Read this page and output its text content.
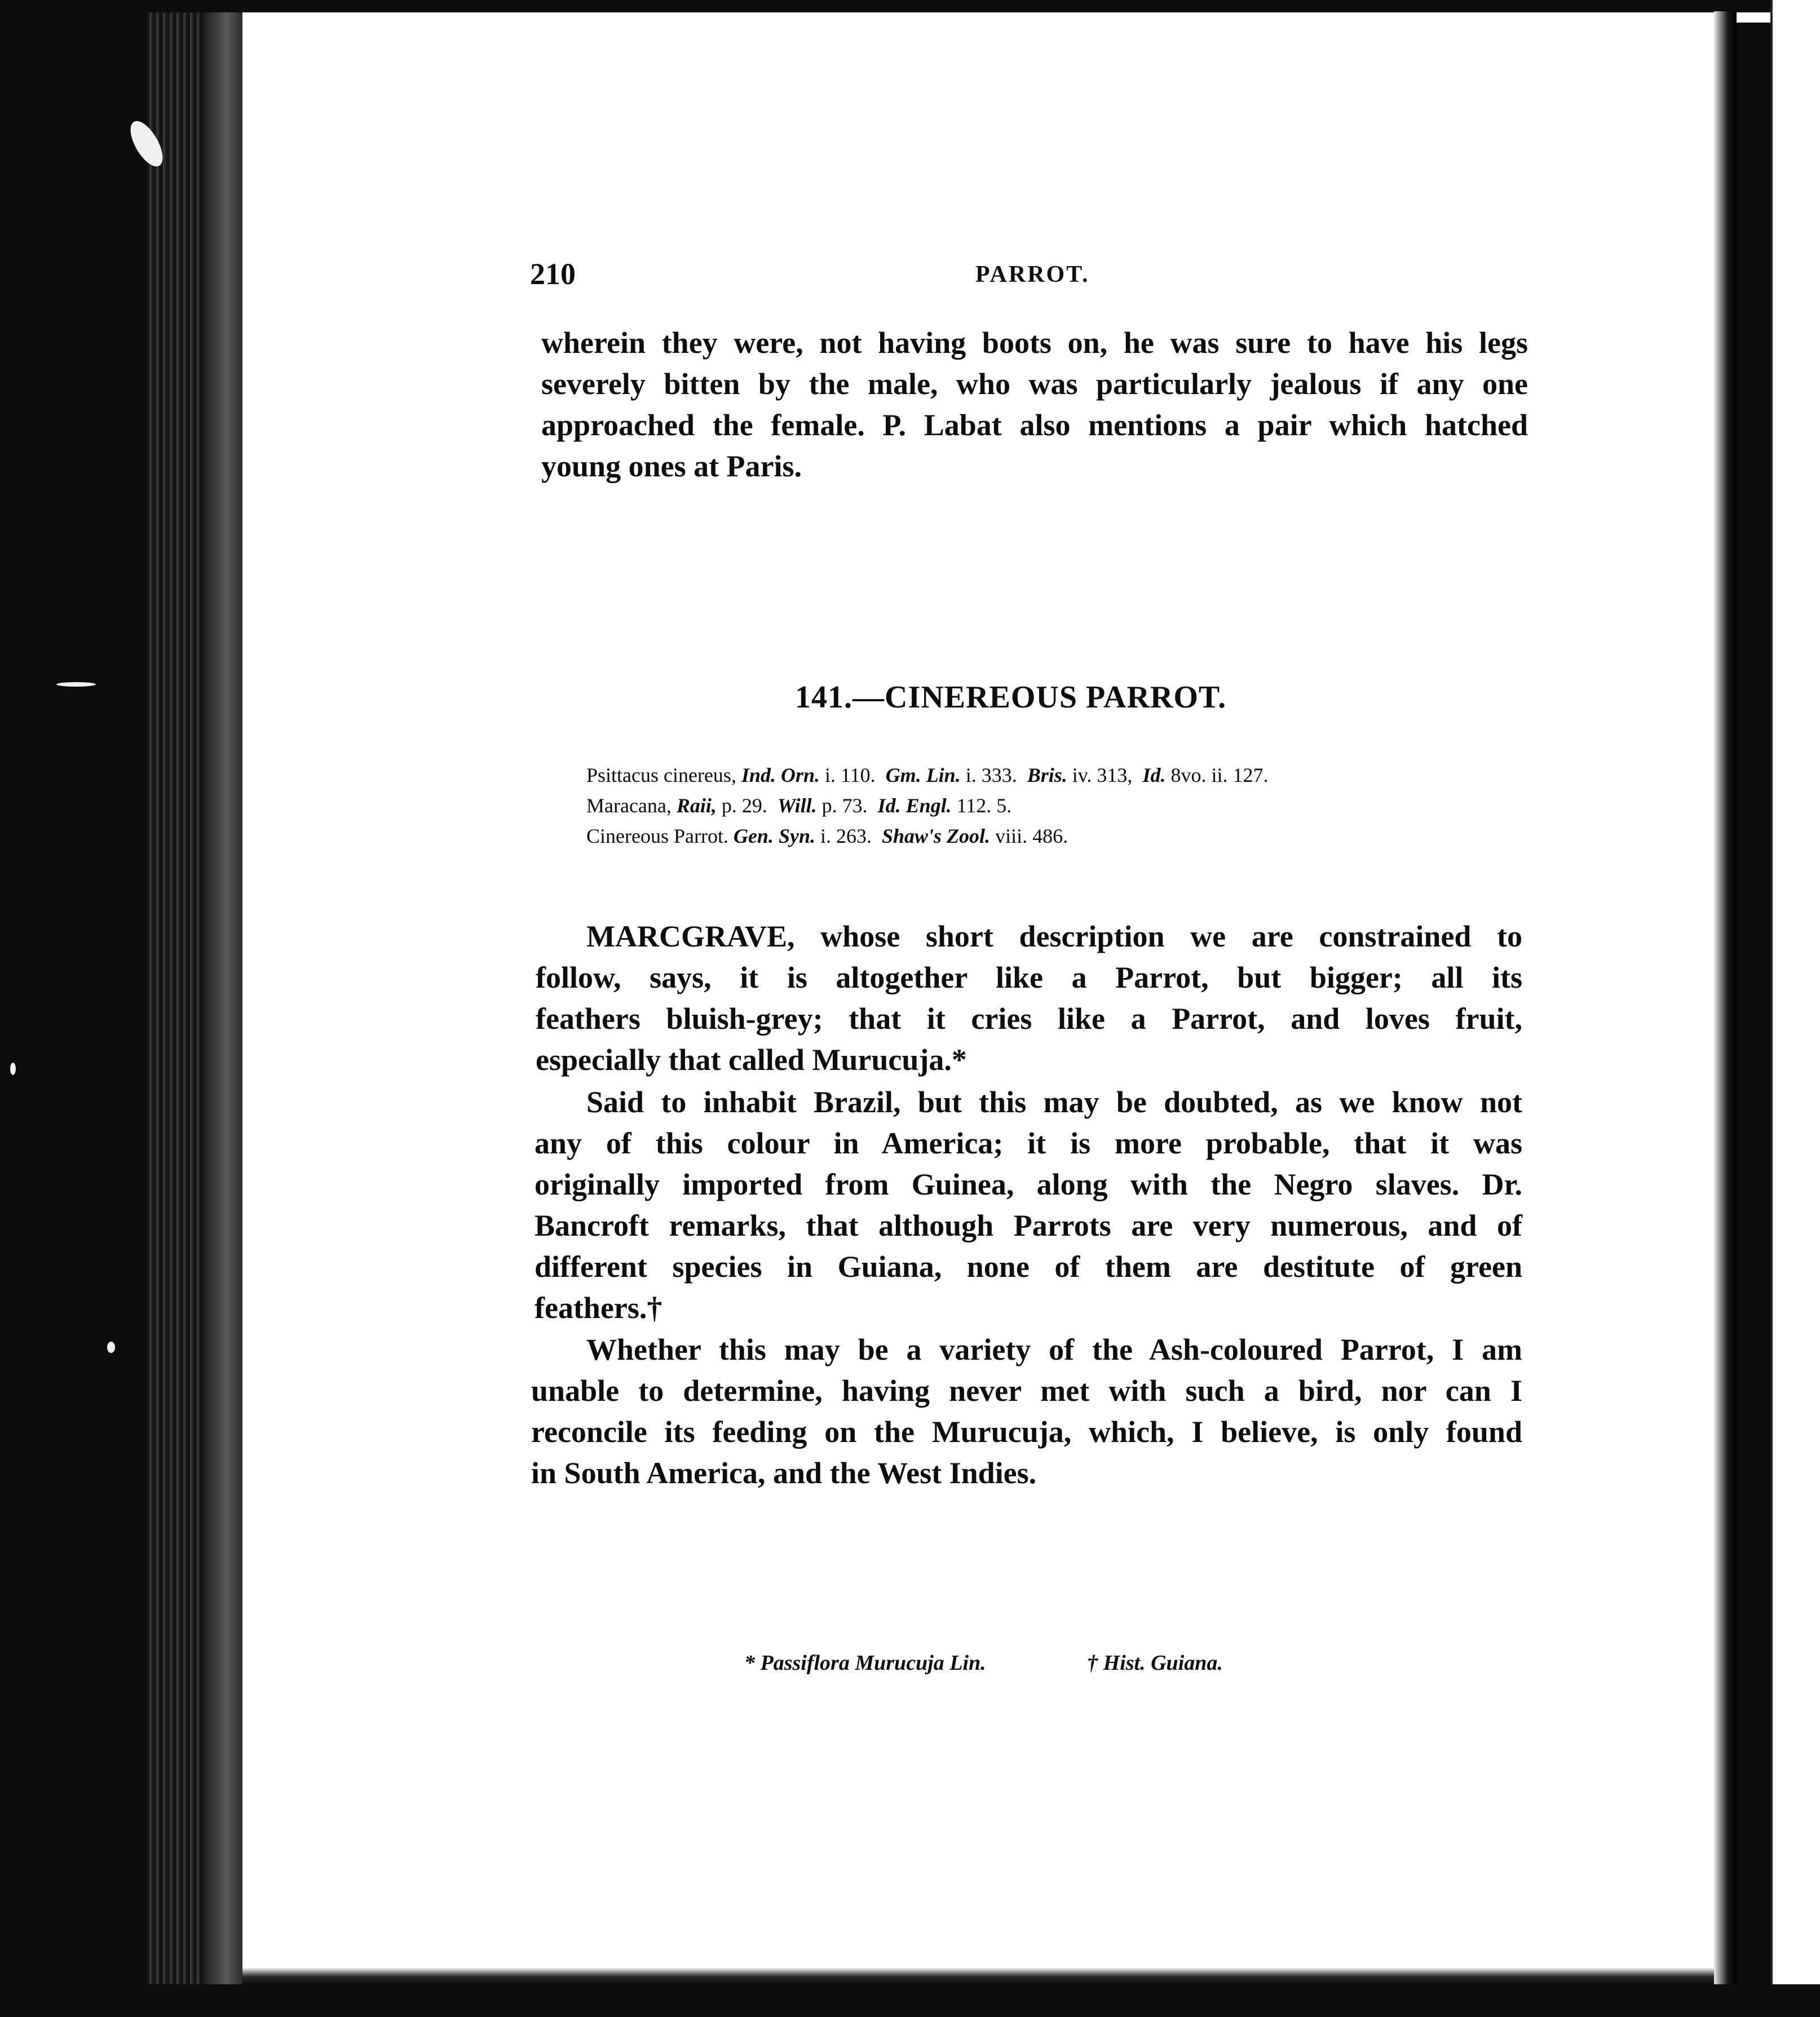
210	PARROT.
wherein they were, not having boots on, he was sure to have his legs
severely bitten by the male, who was particularly jealous if any one
approached the female. P. Labat also mentions a pair which hatched
young ones at Paris.
141.—CINEREOUS PARROT.
Psittacus cinereus, Ind. Orn. i. 110. Gm. Lin. i. 333. Bris. iv. 313, Id. 8vo. ii. 127.
Maracana, Raii, p. 29. Will. p. 73. Id. Engl. 112. 5.
Cinereous Parrot. Gen. Syn. i. 263. Shaw's Zool. viii. 486.
MARCGRAVE, whose short description we are constrained to
follow, says, it is altogether like a Parrot, but bigger; all its
feathers bluish-grey; that it cries like a Parrot, and loves fruit,
especially that called Murucuja.*
Said to inhabit Brazil, but this may be doubted, as we know not
any of this colour in America; it is more probable, that it was
originally imported from Guinea, along with the Negro slaves. Dr.
Bancroft remarks, that although Parrots are very numerous, and of
different species in Guiana, none of them are destitute of green
feathers.†
Whether this may be a variety of the Ash-coloured Parrot, I am
unable to determine, having never met with such a bird, nor can I
reconcile its feeding on the Murucuja, which, I believe, is only found
in South America, and the West Indies.
* Passiflora Murucuja Lin.	† Hist. Guiana.
